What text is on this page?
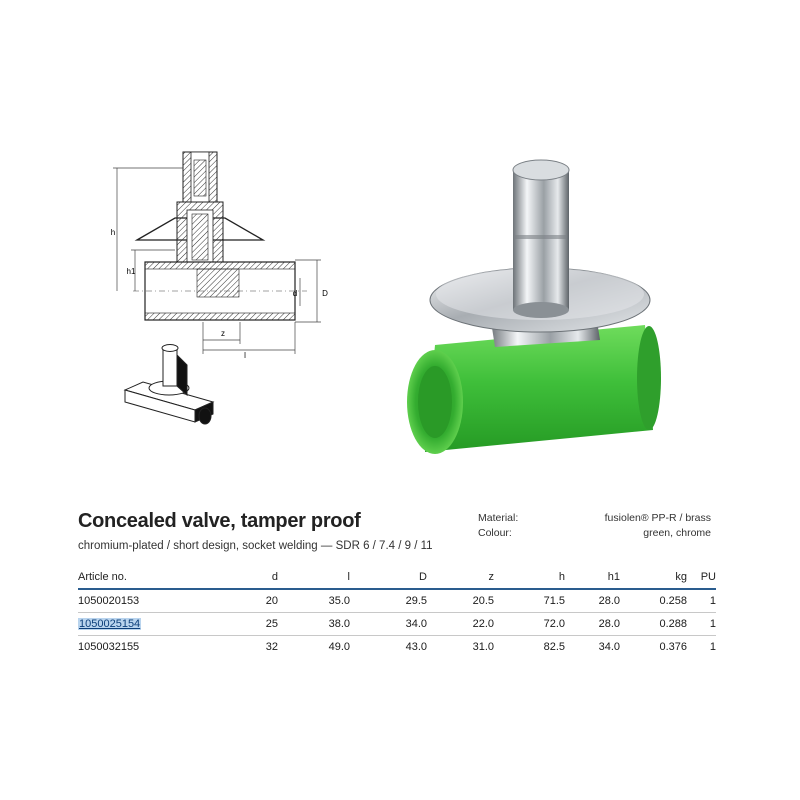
h
h1
d	D
z
l
Concealed valve, tamper proof
chromium-plated / short design, socket welding — SDR 6 / 7.4 / 9 / 11
Material:	fusiolen® PP-R / brass
Colour:	green, chrome
Article no.	d	l	D	z	h	h1	kg	PU
1050020153	20	35.0	29.5	20.5	71.5	28.0	0.258	1
1050025154	25	38.0	34.0	22.0	72.0	28.0	0.288	1
1050032155	32	49.0	43.0	31.0	82.5	34.0	0.376	1
